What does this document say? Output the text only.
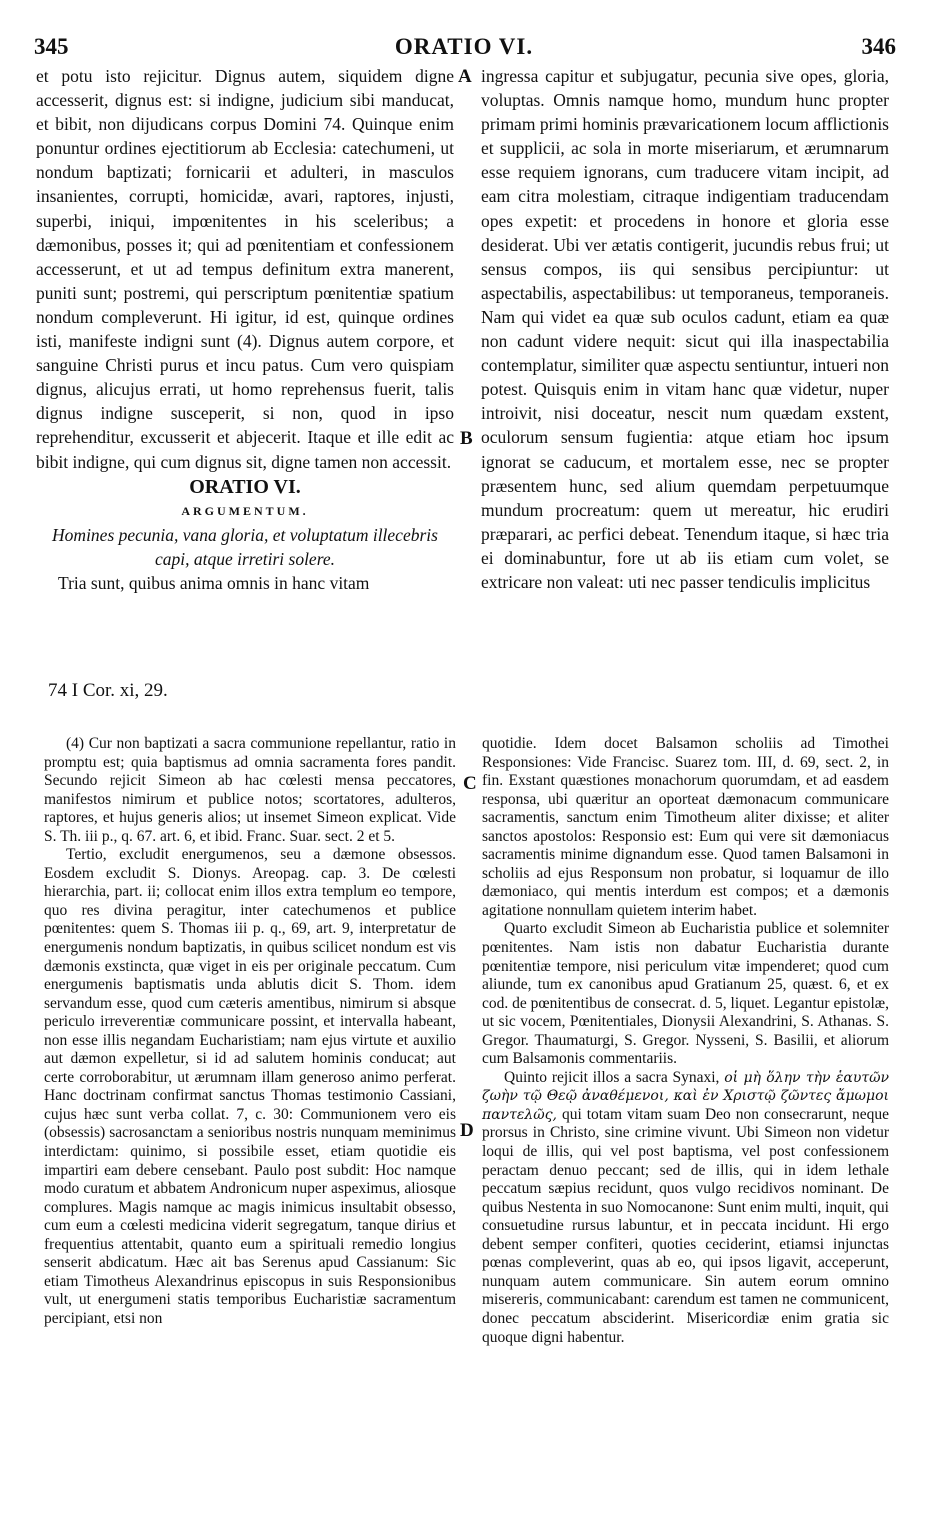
345	ORATIO VI.	346

et potu isto rejicitur. Dignus autem, siquidem digne accesserit, dignus est: si indigne, judicium sibi manducat, et bibit, non dijudicans corpus Domini 74. Quinque enim ponuntur ordines ejectitiorum ab Ecclesia: catechumeni, ut nondum baptizati; fornicarii et adulteri, in masculos insanientes, corrupti, homicidæ, avari, raptores, injusti, superbi, iniqui, impœnitentes in his sceleribus; a dæmonibus, posses it; qui ad pœnitentiam et confessionem accesserunt, et ut ad tempus definitum extra manerent, puniti sunt; postremi, qui perscriptum pœnitentiæ spatium nondum compleverunt. Hi igitur, id est, quinque ordines isti, manifeste indigni sunt (4). Dignus autem corpore, et sanguine Christi purus et incu patus. Cum vero quispiam dignus, alicujus errati, ut homo reprehensus fuerit, talis dignus indigne susceperit, si non, quod in ipso reprehenditur, excusserit et abjecerit. Itaque et ille edit ac bibit indigne, qui cum dignus sit, digne tamen non accessit.

ORATIO VI.
ARGUMENTUM.

Homines pecunia, vana gloria, et voluptatum illecebris capi, atque irretiri solere.

Tria sunt, quibus anima omnis in hanc vitam

ingressa capitur et subjugatur, pecunia sive opes, gloria, voluptas. Omnis namque homo, mundum hunc propter primam primi hominis prævaricationem locum afflictionis et supplicii, ac sola in morte miseriarum, et ærumnarum esse requiem ignorans, cum traducere vitam incipit, ad eam citra molestiam, citraque indigentiam traducendam opes expetit: et procedens in honore et gloria esse desiderat. Ubi ver ætatis contigerit, jucundis rebus frui; ut sensus compos, iis qui sensibus percipiuntur: ut aspectabilis, aspectabilibus: ut temporaneus, temporaneis. Nam qui videt ea quæ sub oculos cadunt, etiam ea quæ non cadunt videre nequit: sicut qui illa inaspectabilia contemplatur, similiter quæ aspectu sentiuntur, intueri non potest. Quisquis enim in vitam hanc quæ videtur, nuper introivit, nisi doceatur, nescit num quædam exstent, oculorum sensum fugientia: atque etiam hoc ipsum ignorat se caducum, et mortalem esse, nec se propter præsentem hunc, sed alium quemdam perpetuumque mundum procreatum: quem ut mereatur, hic erudiri præparari, ac perfici debeat. Tenendum itaque, si hæc tria ei dominabuntur, fore ut ab iis etiam cum volet, se extricare non valeat: uti nec passer tendiculis implicitus

A
B
C
D
74 I Cor. xi, 29.

(4) Cur non baptizati a sacra communione repellantur, ratio in promptu est; quia baptismus ad omnia sacramenta fores pandit. Secundo rejicit Simeon ab hac cœlesti mensa peccatores, manifestos nimirum et publice notos; scortatores, adulteros, raptores, et hujus generis alios; ut insemet Simeon explicat. Vide S. Th. iii p., q. 67. art. 6, et ibid. Franc. Suar. sect. 2 et 5.

Tertio, excludit energumenos, seu a dæmone obsessos. Eosdem excludit S. Dionys. Areopag. cap. 3. De cœlesti hierarchia, part. ii; collocat enim illos extra templum eo tempore, quo res divina peragitur, inter catechumenos et publice pœnitentes: quem S. Thomas iii p. q., 69, art. 9, interpretatur de energumenis nondum baptizatis, in quibus scilicet nondum est vis dæmonis exstincta, quæ viget in eis per originale peccatum. Cum energumenis baptismatis unda ablutis dicit S. Thom. idem servandum esse, quod cum cæteris amentibus, nimirum si absque periculo irreverentiæ communicare possint, et intervalla habeant, non esse illis negandam Eucharistiam; nam ejus virtute et auxilio aut dæmon expelletur, si id ad salutem hominis conducat; aut certe corroborabitur, ut ærumnam illam generoso animo perferat. Hanc doctrinam confirmat sanctus Thomas testimonio Cassiani, cujus hæc sunt verba collat. 7, c. 30: Communionem vero eis (obsessis) sacrosanctam a senioribus nostris nunquam meminimus interdictam: quinimo, si possibile esset, etiam quotidie eis impartiri eam debere censebant. Paulo post subdit: Hoc namque modo curatum et abbatem Andronicum nuper aspeximus, aliosque complures. Magis namque ac magis inimicus insultabit obsesso, cum eum a cœlesti medicina viderit segregatum, tanque dirius et frequentius attentabit, quanto eum a spirituali remedio longius senserit abdicatum. Hæc ait bas Serenus apud Cassianum: Sic etiam Timotheus Alexandrinus episcopus in suis Responsionibus vult, ut energumeni statis temporibus Eucharistiæ sacramentum percipiant, etsi non

quotidie. Idem docet Balsamon scholiis ad Timothei Responsiones: Vide Francisc. Suarez tom. III, d. 69, sect. 2, in fin. Exstant quæstiones monachorum quorumdam, et ad easdem responsa, ubi quæritur an oporteat dæmonacum communicare sacramentis, sanctum enim Timotheum aliter dixisse; et aliter sanctos apostolos: Responsio est: Eum qui vere sit dæmoniacus sacramentis minime dignandum esse. Quod tamen Balsamoni in scholiis ad ejus Responsum non probatur, si loquamur de illo dæmoniaco, qui mentis interdum est compos; et a dæmonis agitatione nonnullam quietem interim habet.

Quarto excludit Simeon ab Eucharistia publice et solemniter pœnitentes. Nam istis non dabatur Eucharistia durante pœnitentiæ tempore, nisi periculum vitæ impenderet; quod cum aliunde, tum ex canonibus apud Gratianum 25, quæst. 6, et ex cod. de pœnitentibus de consecrat. d. 5, liquet. Legantur epistolæ, ut sic vocem, Pœnitentiales, Dionysii Alexandrini, S. Athanas. S. Gregor. Thaumaturgi, S. Gregor. Nysseni, S. Basilii, et aliorum cum Balsamonis commentariis.

Quinto rejicit illos a sacra Synaxi, οἱ μὴ ὅλην τὴν ἑαυτῶν ζωὴν τῷ Θεῷ ἀναθέμενοι, καὶ ἐν Χριστῷ ζῶντες ἄμωμοι παντελῶς, qui totam vitam suam Deo non consecrarunt, neque prorsus in Christo, sine crimine vivunt. Ubi Simeon non videtur loqui de illis, qui vel post baptisma, vel post confessionem peractam denuo peccant; sed de illis, qui in idem lethale peccatum sæpius recidunt, quos vulgo recidivos nominant. De quibus Nestenta in suo Nomocanone: Sunt enim multi, inquit, qui consuetudine rursus labuntur, et in peccata incidunt. Hi ergo debent semper confiteri, quoties ceciderint, etiamsi injunctas pœnas compleverint, quas ab eo, qui ipsos ligavit, acceperunt, nunquam autem communicare. Sin autem eorum omnino misereris, communicabant: carendum est tamen ne communicent, donec peccatum absciderint. Misericordiæ enim gratia sic quoque digni habentur.
